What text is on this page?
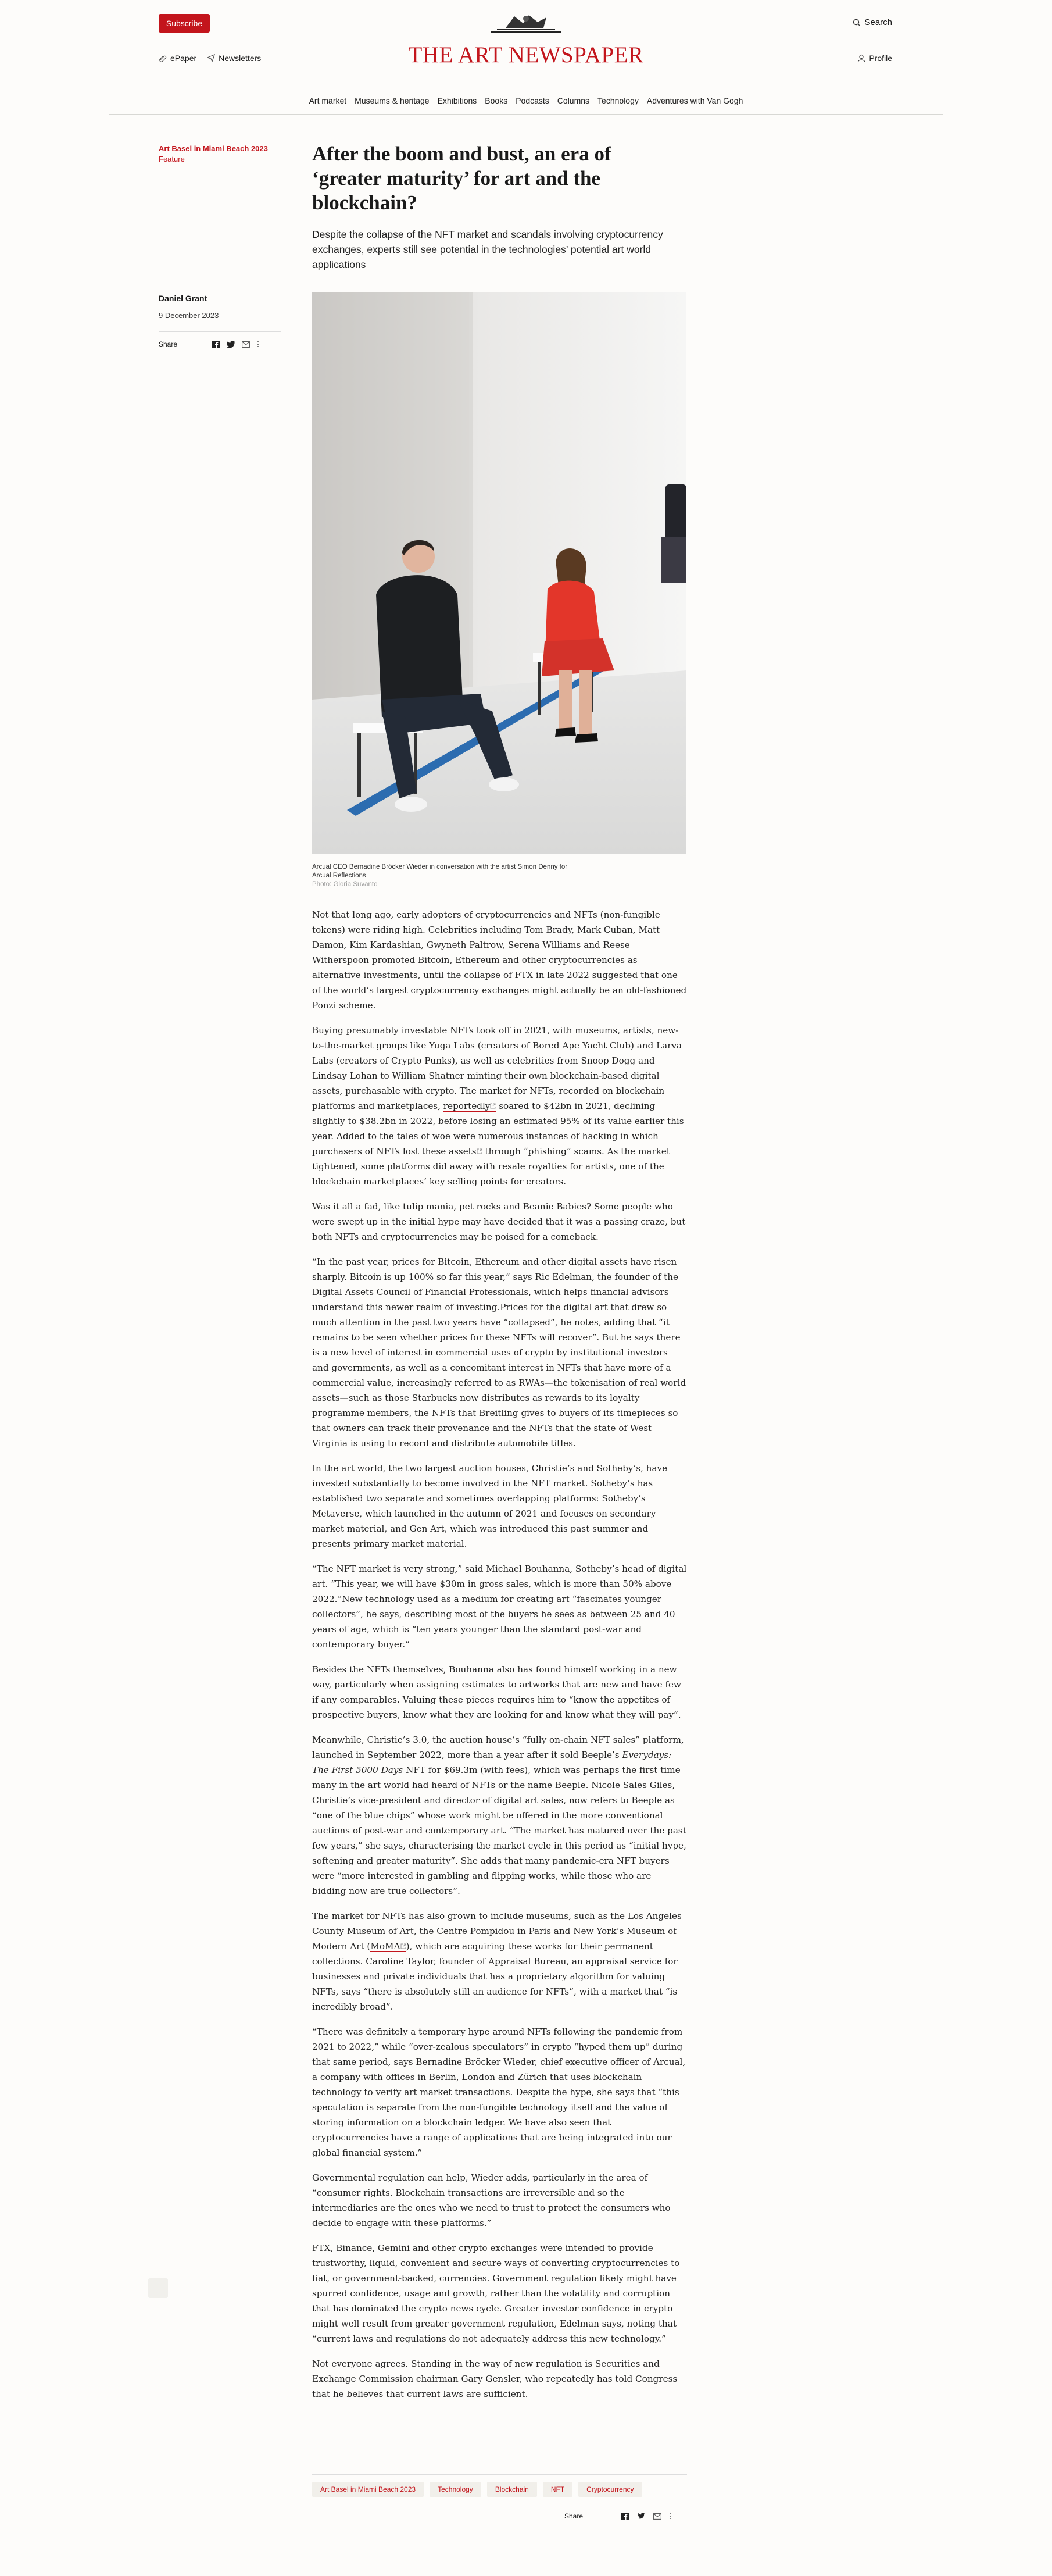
Subscribe
THE ART NEWSPAPER
Search
ePaper	Newsletters	Profile
Art market Museums & heritage Exhibitions Books Podcasts Columns Technology Adventures with Van Gogh
Art Basel in Miami Beach 2023
Feature
Daniel Grant
9 December 2023
Share
After the boom and bust, an era of ‘greater maturity’ for art and the blockchain?
Despite the collapse of the NFT market and scandals involving cryptocurrency exchanges, experts still see potential in the technologies’ potential art world applications
Arcual CEO Bernadine Bröcker Wieder in conversation with the artist Simon Denny for Arcual Reflections
Photo: Gloria Suvanto

Not that long ago, early adopters of cryptocurrencies and NFTs (non-fungible tokens) were riding high. Celebrities including Tom Brady, Mark Cuban, Matt Damon, Kim Kardashian, Gwyneth Paltrow, Serena Williams and Reese Witherspoon promoted Bitcoin, Ethereum and other cryptocurrencies as alternative investments, until the collapse of FTX in late 2022 suggested that one of the world’s largest cryptocurrency exchanges might actually be an old-fashioned Ponzi scheme.

Buying presumably investable NFTs took off in 2021, with museums, artists, new-to-the-market groups like Yuga Labs (creators of Bored Ape Yacht Club) and Larva Labs (creators of Crypto Punks), as well as celebrities from Snoop Dogg and Lindsay Lohan to William Shatner minting their own blockchain-based digital assets, purchasable with crypto. The market for NFTs, recorded on blockchain platforms and marketplaces, reportedly soared to $42bn in 2021, declining slightly to $38.2bn in 2022, before losing an estimated 95% of its value earlier this year. Added to the tales of woe were numerous instances of hacking in which purchasers of NFTs lost these assets through “phishing” scams. As the market tightened, some platforms did away with resale royalties for artists, one of the blockchain marketplaces’ key selling points for creators.

Was it all a fad, like tulip mania, pet rocks and Beanie Babies? Some people who were swept up in the initial hype may have decided that it was a passing craze, but both NFTs and cryptocurrencies may be poised for a comeback.

“In the past year, prices for Bitcoin, Ethereum and other digital assets have risen sharply. Bitcoin is up 100% so far this year,” says Ric Edelman, the founder of the Digital Assets Council of Financial Professionals, which helps financial advisors understand this newer realm of investing.Prices for the digital art that drew so much attention in the past two years have “collapsed”, he notes, adding that “it remains to be seen whether prices for these NFTs will recover”. But he says there is a new level of interest in commercial uses of crypto by institutional investors and governments, as well as a concomitant interest in NFTs that have more of a commercial value, increasingly referred to as RWAs—the tokenisation of real world assets—such as those Starbucks now distributes as rewards to its loyalty programme members, the NFTs that Breitling gives to buyers of its timepieces so that owners can track their provenance and the NFTs that the state of West Virginia is using to record and distribute automobile titles.

In the art world, the two largest auction houses, Christie’s and Sotheby’s, have invested substantially to become involved in the NFT market. Sotheby’s has established two separate and sometimes overlapping platforms: Sotheby’s Metaverse, which launched in the autumn of 2021 and focuses on secondary market material, and Gen Art, which was introduced this past summer and presents primary market material.

“The NFT market is very strong,” said Michael Bouhanna, Sotheby’s head of digital art. “This year, we will have $30m in gross sales, which is more than 50% above 2022.”New technology used as a medium for creating art “fascinates younger collectors”, he says, describing most of the buyers he sees as between 25 and 40 years of age, which is “ten years younger than the standard post-war and contemporary buyer.”

Besides the NFTs themselves, Bouhanna also has found himself working in a new way, particularly when assigning estimates to artworks that are new and have few if any comparables. Valuing these pieces requires him to “know the appetites of prospective buyers, know what they are looking for and know what they will pay”.

Meanwhile, Christie’s 3.0, the auction house’s “fully on-chain NFT sales” platform, launched in September 2022, more than a year after it sold Beeple’s Everydays: The First 5000 Days NFT for $69.3m (with fees), which was perhaps the first time many in the art world had heard of NFTs or the name Beeple. Nicole Sales Giles, Christie’s vice-president and director of digital art sales, now refers to Beeple as “one of the blue chips” whose work might be offered in the more conventional auctions of post-war and contemporary art. “The market has matured over the past few years,” she says, characterising the market cycle in this period as “initial hype, softening and greater maturity”. She adds that many pandemic-era NFT buyers were “more interested in gambling and flipping works, while those who are bidding now are true collectors”.

The market for NFTs has also grown to include museums, such as the Los Angeles County Museum of Art, the Centre Pompidou in Paris and New York’s Museum of Modern Art (MoMA ), which are acquiring these works for their permanent collections. Caroline Taylor, founder of Appraisal Bureau, an appraisal service for businesses and private individuals that has a proprietary algorithm for valuing NFTs, says “there is absolutely still an audience for NFTs”, with a market that “is incredibly broad”.

“There was definitely a temporary hype around NFTs following the pandemic from 2021 to 2022,” while “over-zealous speculators” in crypto “hyped them up” during that same period, says Bernadine Bröcker Wieder, chief executive officer of Arcual, a company with offices in Berlin, London and Zürich that uses blockchain technology to verify art market transactions. Despite the hype, she says that “this speculation is separate from the non-fungible technology itself and the value of storing information on a blockchain ledger. We have also seen that cryptocurrencies have a range of applications that are being integrated into our global financial system.”

Governmental regulation can help, Wieder adds, particularly in the area of “consumer rights. Blockchain transactions are irreversible and so the intermediaries are the ones who we need to trust to protect the consumers who decide to engage with these platforms.”

FTX, Binance, Gemini and other crypto exchanges were intended to provide trustworthy, liquid, convenient and secure ways of converting cryptocurrencies to fiat, or government-backed, currencies. Government regulation likely might have spurred confidence, usage and growth, rather than the volatility and corruption that has dominated the crypto news cycle. Greater investor confidence in crypto might well result from greater government regulation, Edelman says, noting that “current laws and regulations do not adequately address this new technology.”

Not everyone agrees. Standing in the way of new regulation is Securities and Exchange Commission chairman Gary Gensler, who repeatedly has told Congress that he believes that current laws are sufficient.

Art Basel in Miami Beach 2023	Technology	Blockchain	NFT	Cryptocurrency
Share
